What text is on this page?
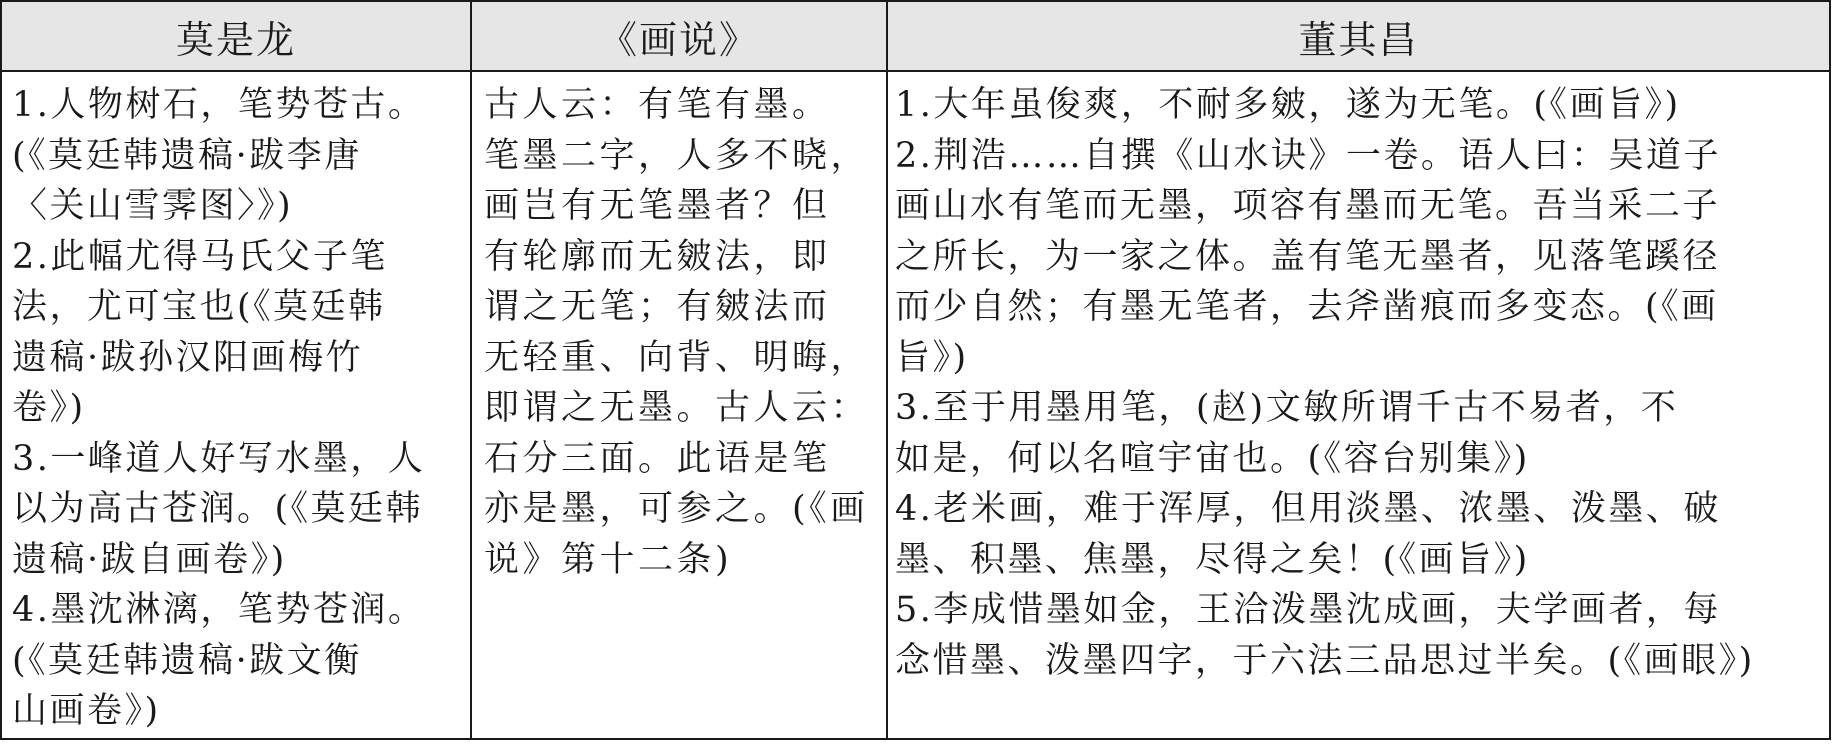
莫是龙	《画说》	董其昌
1.人物树石，笔势苍古。
(《莫廷韩遗稿·跋李唐
〈关山雪霁图〉》)
2.此幅尤得马氏父子笔
法，尤可宝也(《莫廷韩
遗稿·跋孙汉阳画梅竹
卷》)
3.一峰道人好写水墨，人
以为高古苍润。(《莫廷韩
遗稿·跋自画卷》)
4.墨沈淋漓，笔势苍润。
(《莫廷韩遗稿·跋文衡
山画卷》)
古人云：有笔有墨。
笔墨二字，人多不晓，
画岂有无笔墨者？但
有轮廓而无皴法，即
谓之无笔；有皴法而
无轻重、向背、明晦，
即谓之无墨。古人云：
石分三面。此语是笔
亦是墨，可参之。(《画
说》第十二条)
1.大年虽俊爽，不耐多皴，遂为无笔。(《画旨》)
2.荆浩……自撰《山水诀》一卷。语人曰：吴道子
画山水有笔而无墨，项容有墨而无笔。吾当采二子
之所长，为一家之体。盖有笔无墨者，见落笔蹊径
而少自然；有墨无笔者，去斧凿痕而多变态。(《画
旨》)
3.至于用墨用笔，(赵)文敏所谓千古不易者，不
如是，何以名喧宇宙也。(《容台别集》)
4.老米画，难于浑厚，但用淡墨、浓墨、泼墨、破
墨、积墨、焦墨，尽得之矣！(《画旨》)
5.李成惜墨如金，王洽泼墨沈成画，夫学画者，每
念惜墨、泼墨四字，于六法三品思过半矣。(《画眼》)
